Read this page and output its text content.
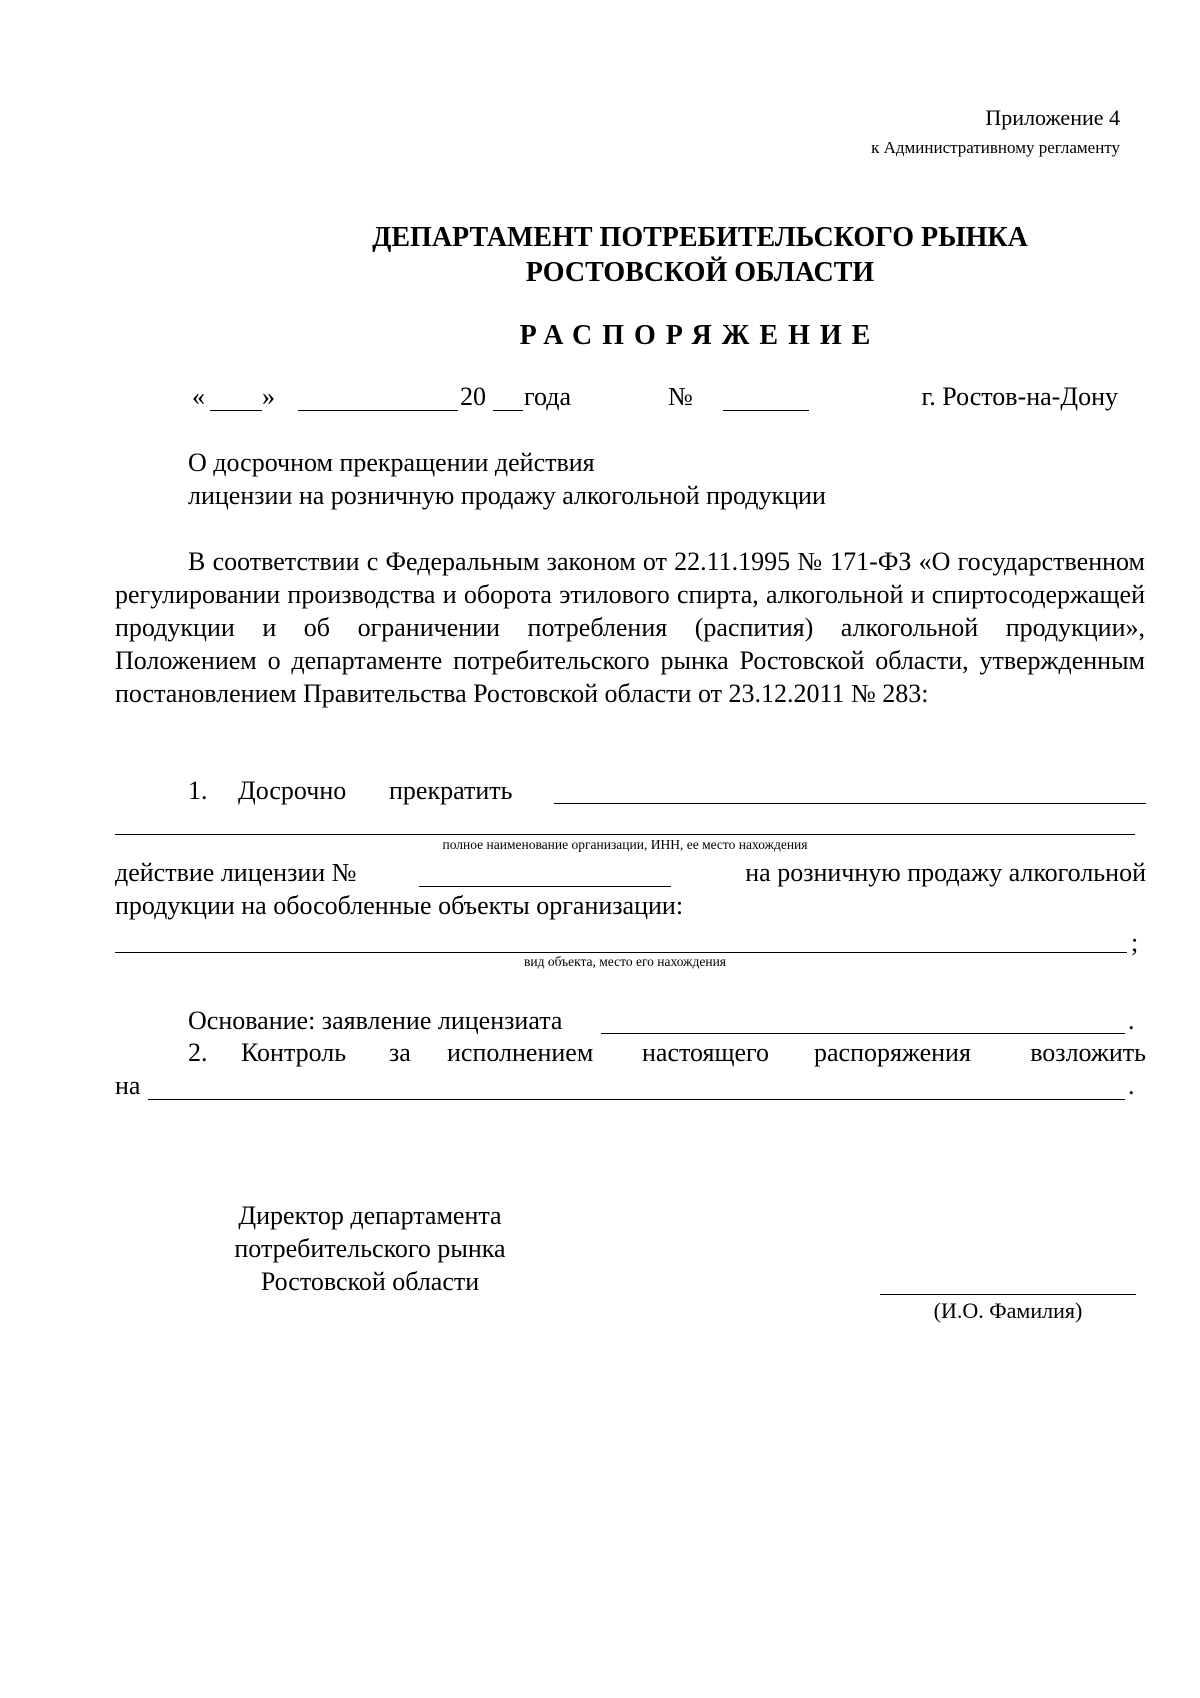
Приложение 4
к Административному регламенту
ДЕПАРТАМЕНТ ПОТРЕБИТЕЛЬСКОГО РЫНКА
РОСТОВСКОЙ ОБЛАСТИ
РАСПОРЯЖЕНИЕ
« »	20 года	№	г. Ростов-на-Дону
О досрочном прекращении действия
лицензии на розничную продажу алкогольной продукции
В соответствии с Федеральным законом от 22.11.1995 № 171-ФЗ «О государственном регулировании производства и оборота этилового спирта, алкогольной и спиртосодержащей продукции и об ограничении потребления (распития) алкогольной продукции», Положением о департаменте потребительского рынка Ростовской области, утвержденным постановлением Правительства Ростовской области от 23.12.2011 № 283:
1. Досрочно прекратить
полное наименование организации, ИНН, ее место нахождения
действие лицензии №	на розничную продажу алкогольной
продукции на обособленные объекты организации:
;
вид объекта, место его нахождения
Основание: заявление лицензиата	.
2. Контроль за исполнением настоящего распоряжения возложить
на	.
Директор департамента
потребительского рынка
Ростовской области
(И.О. Фамилия)
